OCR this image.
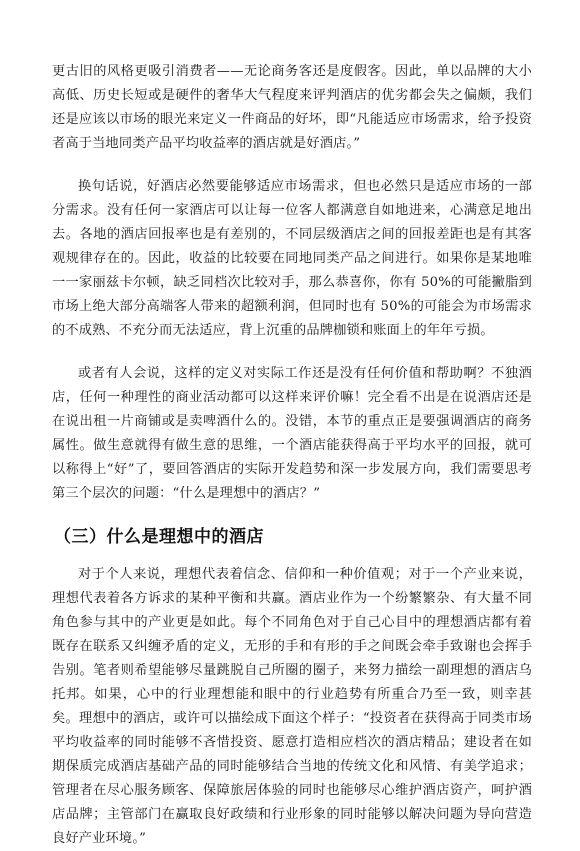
更古旧的风格更吸引消费者——无论商务客还是度假客。因此，单以品牌的大小高低、历史长短或是硬件的奢华大气程度来评判酒店的优劣都会失之偏颇，我们还是应该以市场的眼光来定义一件商品的好坏，即“凡能适应市场需求，给予投资者高于当地同类产品平均收益率的酒店就是好酒店。”

换句话说，好酒店必然要能够适应市场需求，但也必然只是适应市场的一部分需求。没有任何一家酒店可以让每一位客人都满意自如地进来，心满意足地出去。各地的酒店回报率也是有差别的，不同层级酒店之间的回报差距也是有其客观规律存在的。因此，收益的比较要在同地同类产品之间进行。如果你是某地唯一一家丽兹卡尔顿，缺乏同档次比较对手，那么恭喜你，你有 50%的可能撇脂到市场上绝大部分高端客人带来的超额利润，但同时也有 50%的可能会为市场需求的不成熟、不充分而无法适应，背上沉重的品牌枷锁和账面上的年年亏损。

或者有人会说，这样的定义对实际工作还是没有任何价值和帮助啊？不独酒店，任何一种理性的商业活动都可以这样来评价嘛！完全看不出是在说酒店还是在说出租一片商铺或是卖啤酒什么的。没错，本节的重点正是要强调酒店的商务属性。做生意就得有做生意的思维，一个酒店能获得高于平均水平的回报，就可以称得上“好”了，要回答酒店的实际开发趋势和深一步发展方向，我们需要思考第三个层次的问题：“什么是理想中的酒店？”

（三）什么是理想中的酒店

对于个人来说，理想代表着信念、信仰和一种价值观；对于一个产业来说，理想代表着各方诉求的某种平衡和共赢。酒店业作为一个纷繁繁杂、有大量不同角色参与其中的产业更是如此。每个不同角色对于自己心目中的理想酒店都有着既存在联系又纠缠矛盾的定义，无形的手和有形的手之间既会牵手致谢也会挥手告别。笔者则希望能够尽量跳脱自己所圈的圈子，来努力描绘一副理想的酒店乌托邦。如果，心中的行业理想能和眼中的行业趋势有所重合乃至一致，则幸甚矣。理想中的酒店，或许可以描绘成下面这个样子：“投资者在获得高于同类市场平均收益率的同时能够不吝惜投资、愿意打造相应档次的酒店精品；建设者在如期保质完成酒店基础产品的同时能够结合当地的传统文化和风情、有美学追求；管理者在尽心服务顾客、保障旅居体验的同时也能够尽心维护酒店资产，呵护酒店品牌；主管部门在赢取良好政绩和行业形象的同时能够以解决问题为导向营造良好产业环境。”
